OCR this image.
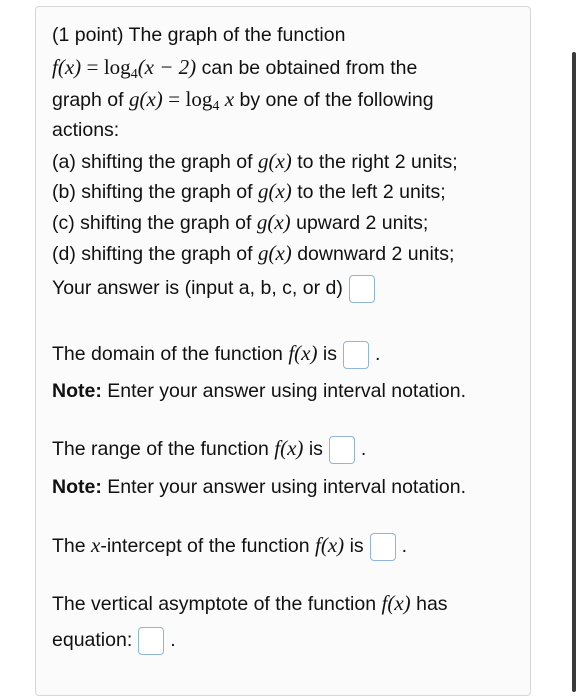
(1 point) The graph of the function
$f(x) = \log_4(x - 2)$ can be obtained from the
graph of $g(x) = \log_4 x$ by one of the following
actions:
(a) shifting the graph of g(x) to the right 2 units;
(b) shifting the graph of g(x) to the left 2 units;
(c) shifting the graph of g(x) upward 2 units;
(d) shifting the graph of g(x) downward 2 units;
Your answer is (input a, b, c, or d)
The domain of the function f(x) is .
Note: Enter your answer using interval notation.
The range of the function f(x) is .
Note: Enter your answer using interval notation.
The x-intercept of the function f(x) is .
The vertical asymptote of the function f(x) has
equation: .
